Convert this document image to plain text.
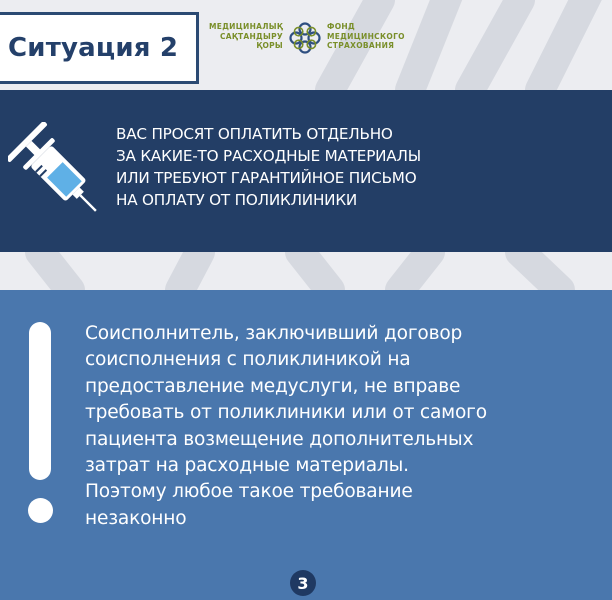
Ситуация 2
МЕДИЦИНАЛЫҚ
САҚТАНДЫРУ
ҚОРЫ
ФОНД
МЕДИЦИНСКОГО
СТРАХОВАНИЯ
ВАС ПРОСЯТ ОПЛАТИТЬ ОТДЕЛЬНО
ЗА КАКИЕ-ТО РАСХОДНЫЕ МАТЕРИАЛЫ
ИЛИ ТРЕБУЮТ ГАРАНТИЙНОЕ ПИСЬМО
НА ОПЛАТУ ОТ ПОЛИКЛИНИКИ
Соисполнитель, заключивший договор
соисполнения с поликлиникой на
предоставление медуслуги, не вправе
требовать от поликлиники или от самого
пациента возмещение дополнительных
затрат на расходные материалы.
Поэтому любое такое требование
незаконно
3
